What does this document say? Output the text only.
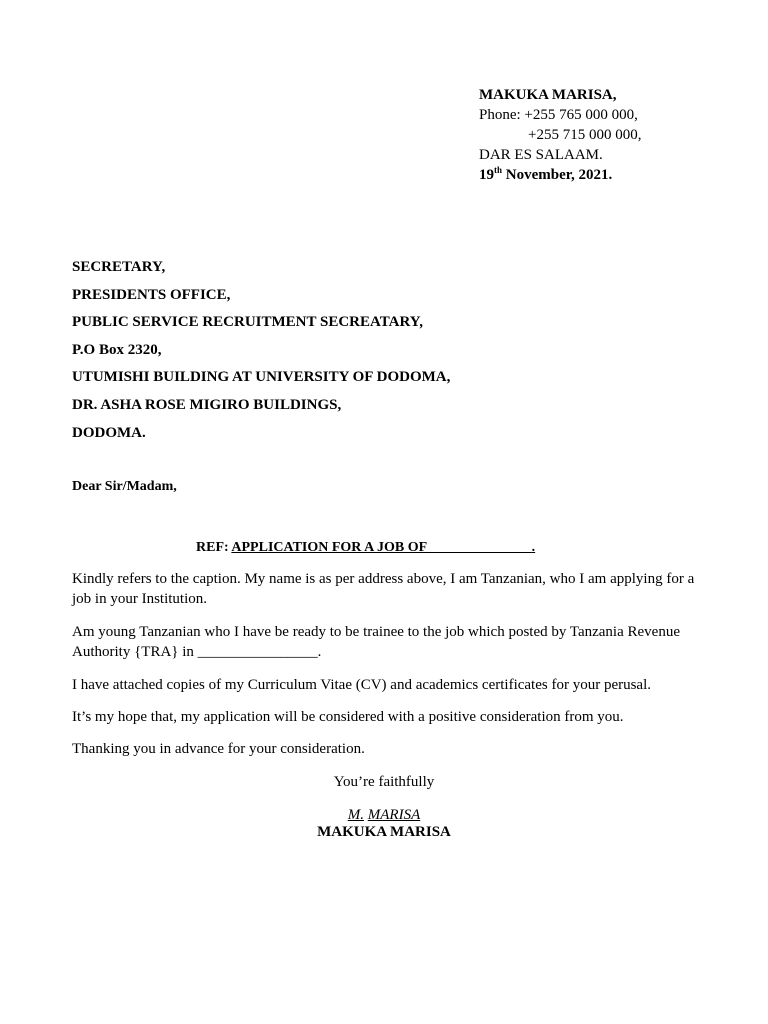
MAKUKA MARISA,
Phone: +255 765 000 000,
+255 715 000 000,
DAR ES SALAAM.
19th November, 2021.
SECRETARY,
PRESIDENTS OFFICE,
PUBLIC SERVICE RECRUITMENT SECREATARY,
P.O Box 2320,
UTUMISHI BUILDING AT UNIVERSITY OF DODOMA,
DR. ASHA ROSE MIGIRO BUILDINGS,
DODOMA.
Dear Sir/Madam,
REF: APPLICATION FOR A JOB OF                              .
Kindly refers to the caption. My name is as per address above, I am Tanzanian, who I am applying for a job in your Institution.
Am young Tanzanian who I have be ready to be trainee to the job which posted by Tanzania Revenue Authority {TRA} in ________________.
I have attached copies of my Curriculum Vitae (CV) and academics certificates for your perusal.
It’s my hope that, my application will be considered with a positive consideration from you.
Thanking you in advance for your consideration.
You’re faithfully
M. MARISA
MAKUKA MARISA
